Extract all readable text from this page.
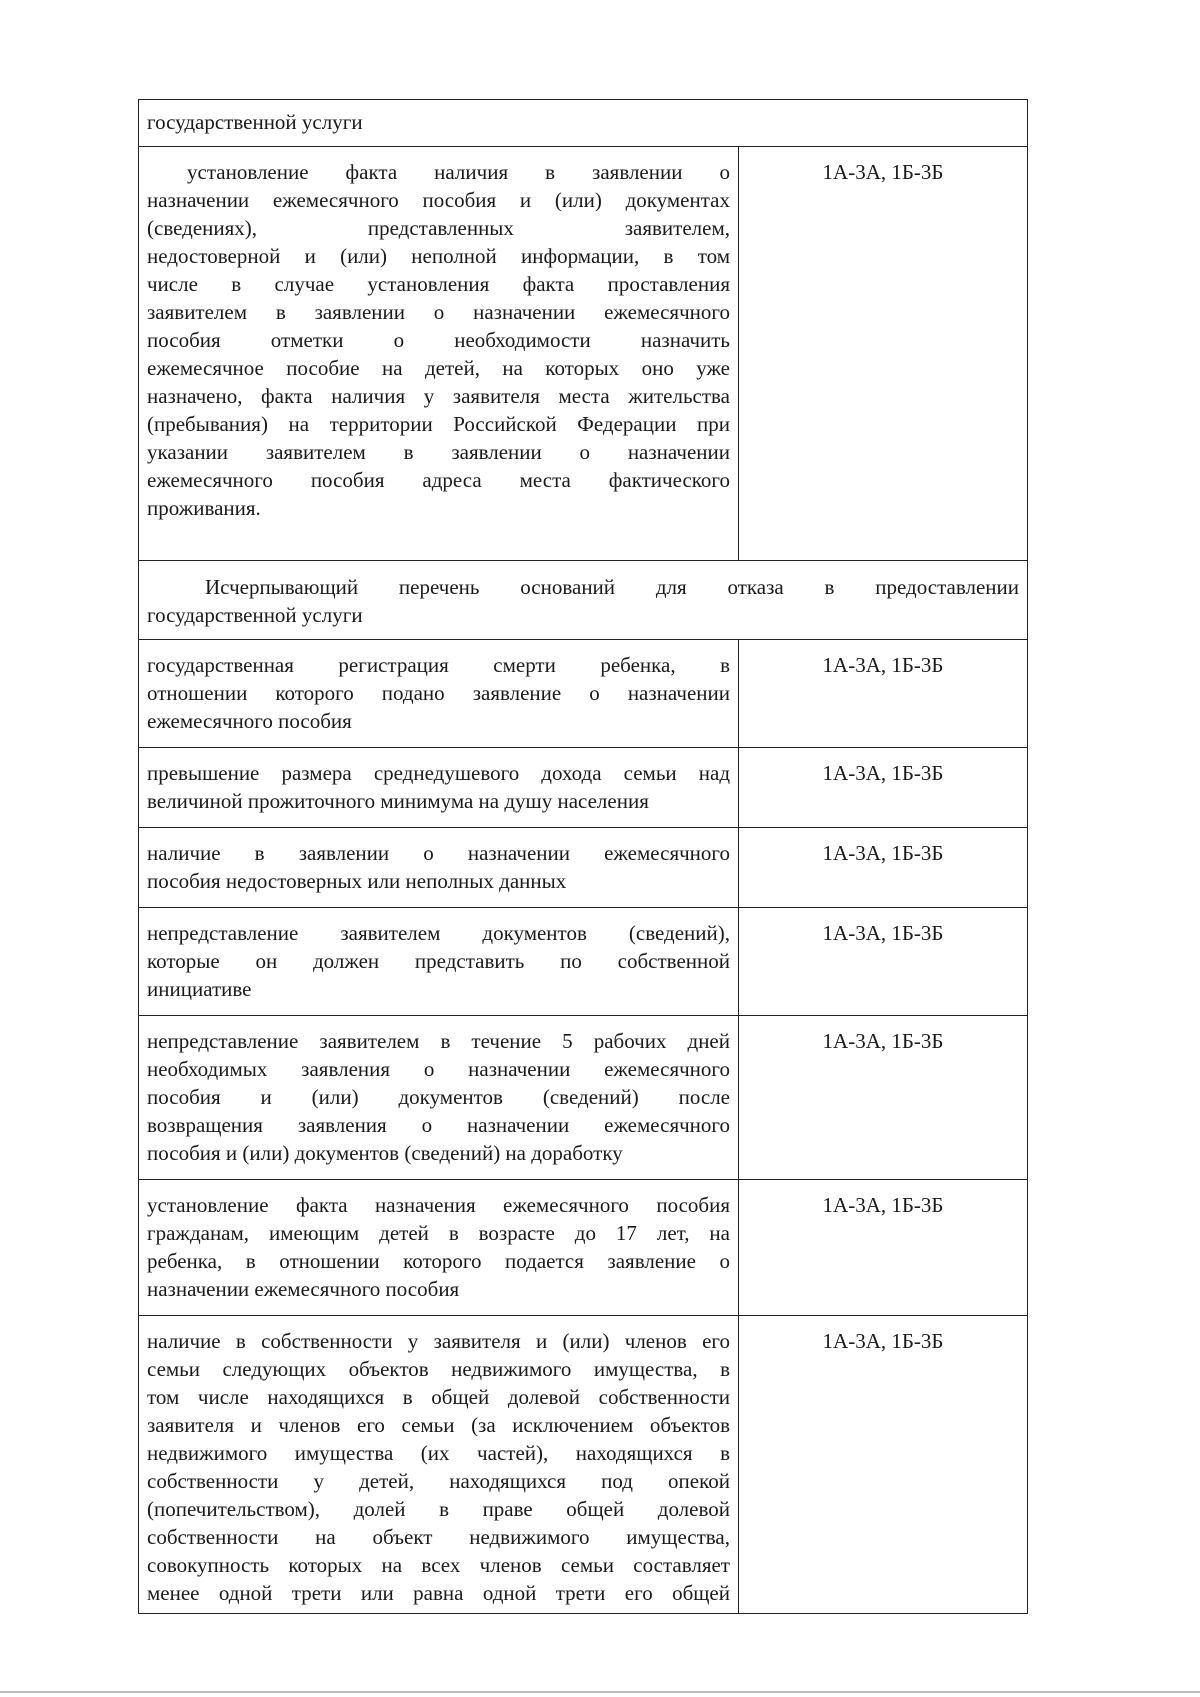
государственной услуги
установление факта наличия в заявлении о
назначении ежемесячного пособия и (или) документах
(сведениях), представленных заявителем,
недостоверной и (или) неполной информации, в том
числе в случае установления факта проставления
заявителем в заявлении о назначении ежемесячного
пособия отметки о необходимости назначить
ежемесячное пособие на детей, на которых оно уже
назначено, факта наличия у заявителя места жительства
(пребывания) на территории Российской Федерации при
указании заявителем в заявлении о назначении
ежемесячного пособия адреса места фактического
проживания.
1А-3А, 1Б-3Б
Исчерпывающий перечень оснований для отказа в предоставлении
государственной услуги
государственная регистрация смерти ребенка, в
отношении которого подано заявление о назначении
ежемесячного пособия
1А-3А, 1Б-3Б
превышение размера среднедушевого дохода семьи над
величиной прожиточного минимума на душу населения
1А-3А, 1Б-3Б
наличие в заявлении о назначении ежемесячного
пособия недостоверных или неполных данных
1А-3А, 1Б-3Б
непредставление заявителем документов (сведений),
которые он должен представить по собственной
инициативе
1А-3А, 1Б-3Б
непредставление заявителем в течение 5 рабочих дней
необходимых заявления о назначении ежемесячного
пособия и (или) документов (сведений) после
возвращения заявления о назначении ежемесячного
пособия и (или) документов (сведений) на доработку
1А-3А, 1Б-3Б
установление факта назначения ежемесячного пособия
гражданам, имеющим детей в возрасте до 17 лет, на
ребенка, в отношении которого подается заявление о
назначении ежемесячного пособия
1А-3А, 1Б-3Б
наличие в собственности у заявителя и (или) членов его
семьи следующих объектов недвижимого имущества, в
том числе находящихся в общей долевой собственности
заявителя и членов его семьи (за исключением объектов
недвижимого имущества (их частей), находящихся в
собственности у детей, находящихся под опекой
(попечительством), долей в праве общей долевой
собственности на объект недвижимого имущества,
совокупность которых на всех членов семьи составляет
менее одной трети или равна одной трети его общей
1А-3А, 1Б-3Б
